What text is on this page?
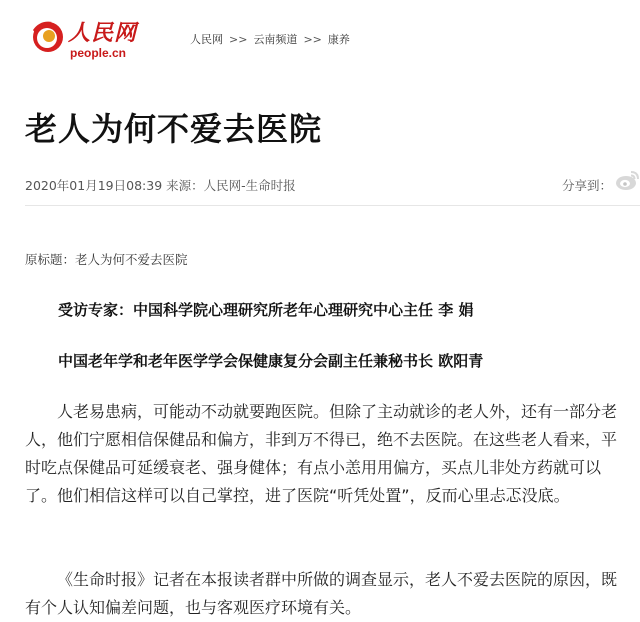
人民网
people.cn
人民网 >> 云南频道 >> 康养
老人为何不爱去医院
2020年01月19日08:39 来源：人民网-生命时报	分享到：
原标题：老人为何不爱去医院
受访专家：中国科学院心理研究所老年心理研究中心主任 李 娟
中国老年学和老年医学学会保健康复分会副主任兼秘书长 欧阳青

人老易患病，可能动不动就要跑医院。但除了主动就诊的老人外，还有一部分老人，他们宁愿相信保健品和偏方，非到万不得已，绝不去医院。在这些老人看来，平时吃点保健品可延缓衰老、强身健体；有点小恙用用偏方，买点儿非处方药就可以了。他们相信这样可以自己掌控，进了医院“听凭处置”，反而心里忐忑没底。

《生命时报》记者在本报读者群中所做的调查显示，老人不爱去医院的原因，既有个人认知偏差问题，也与客观医疗环境有关。
